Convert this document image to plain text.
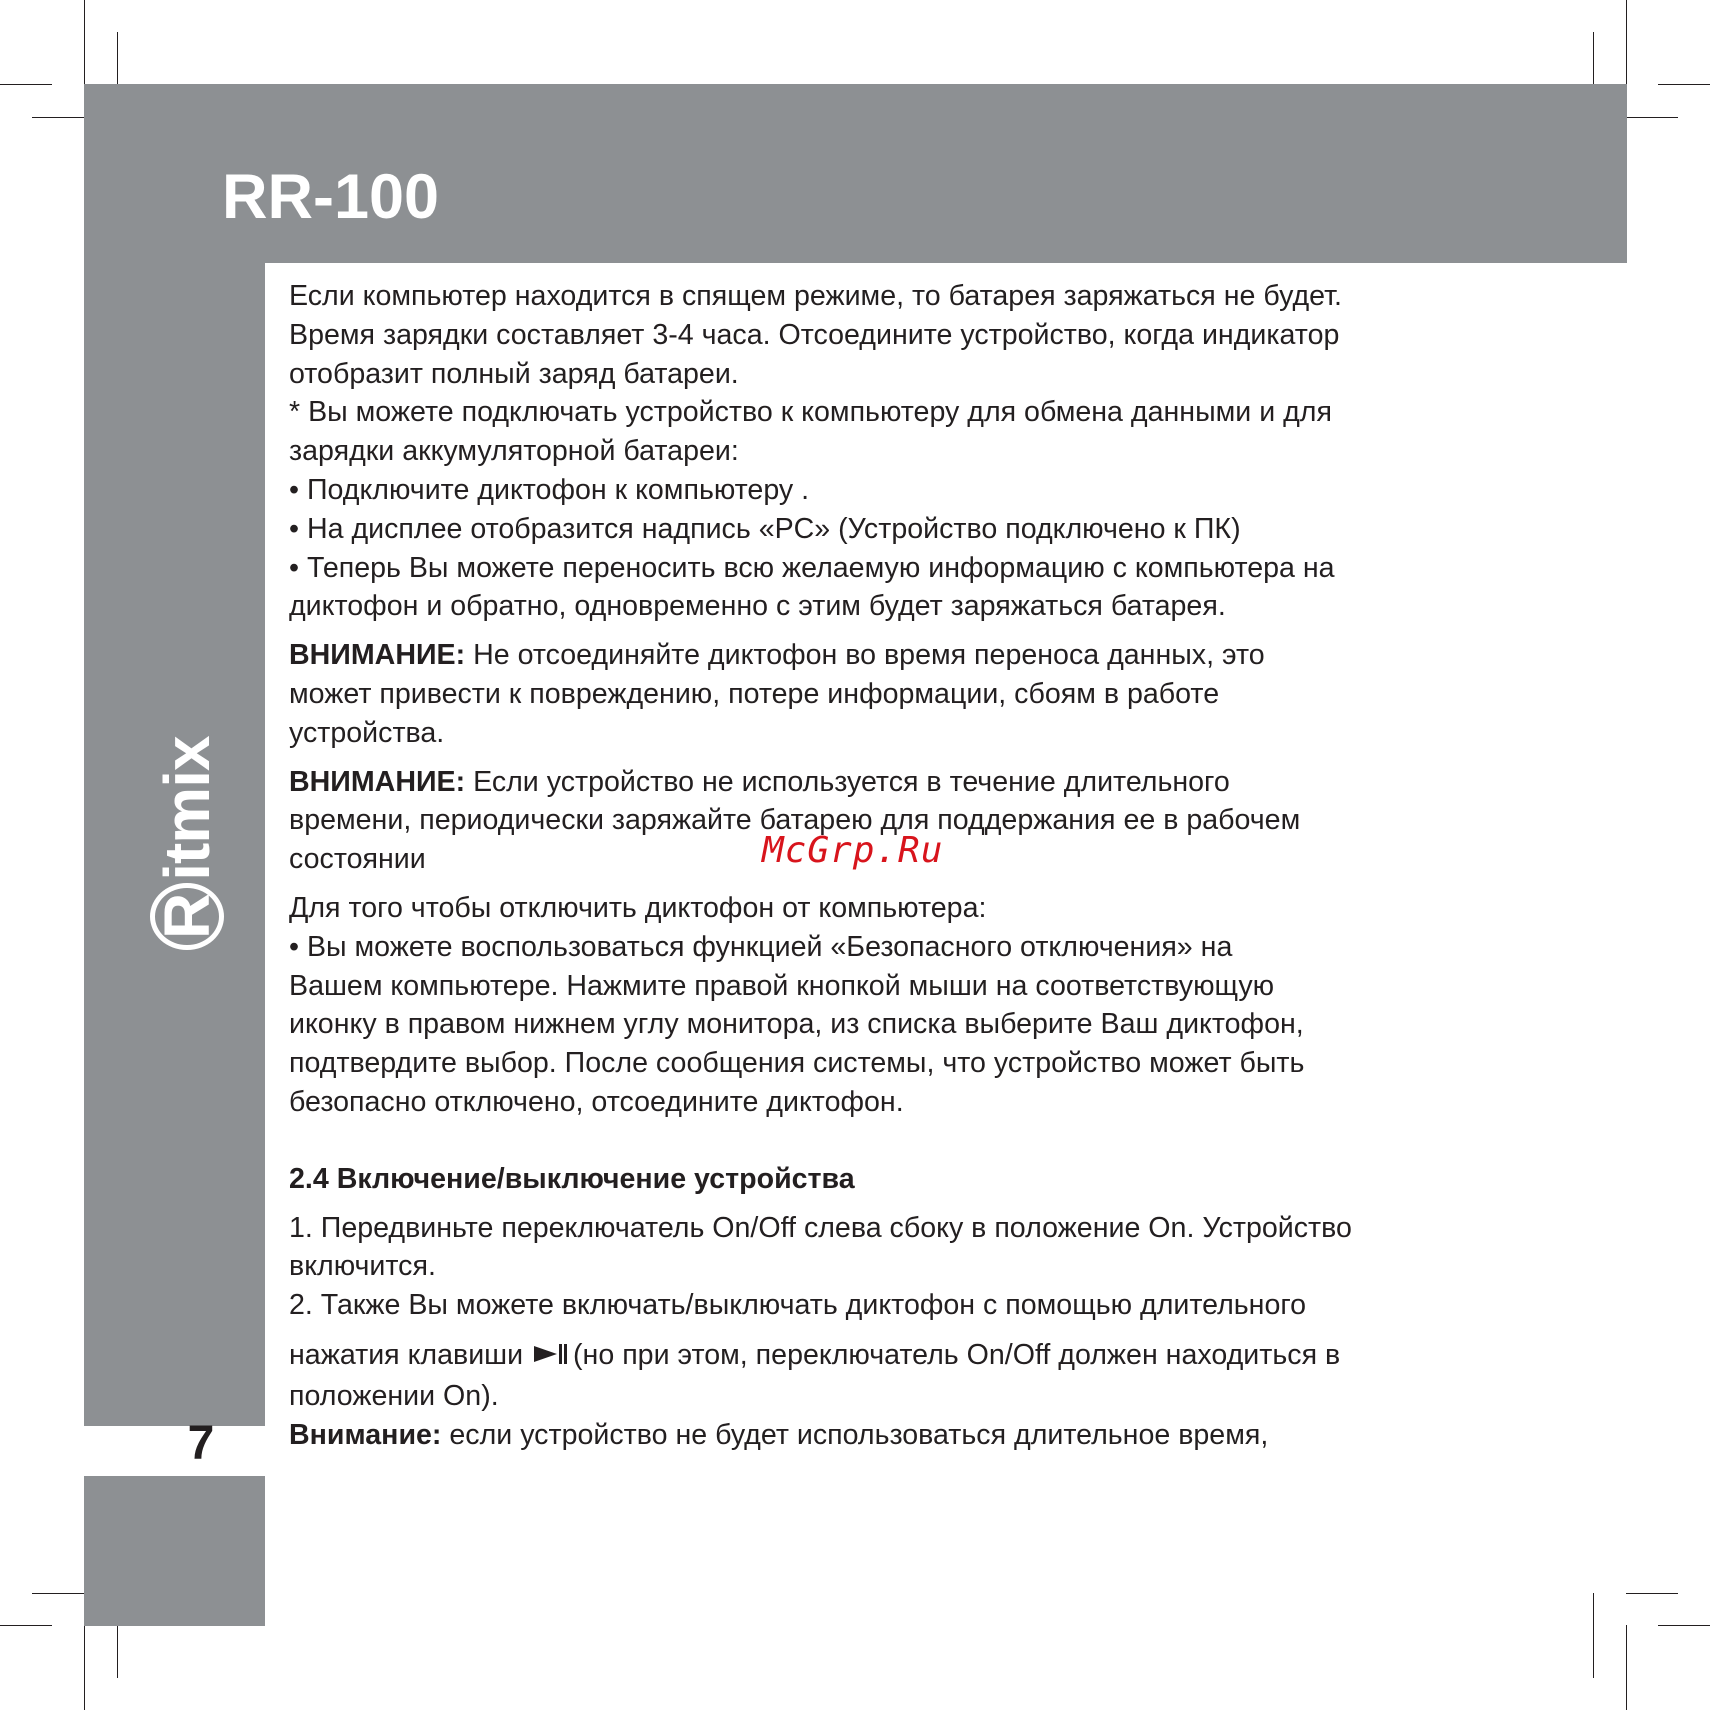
RR-100
Ritmix
7

Если компьютер находится в спящем режиме, то батарея заряжаться не будет.

Время зарядки составляет 3-4 часа. Отсоедините устройство, когда индикатор

отобразит полный заряд батареи.

* Вы можете подключать устройство к компьютеру для обмена данными и для

зарядки аккумуляторной батареи:

• Подключите диктофон к компьютеру .

• На дисплее отобразится надпись «PC» (Устройство подключено к ПК)

• Теперь Вы можете переносить всю желаемую информацию с компьютера на

диктофон и обратно, одновременно с этим будет заряжаться батарея.

ВНИМАНИЕ: Не отсоединяйте диктофон во время переноса данных, это

может привести к повреждению, потере информации, сбоям в работе

устройства.

ВНИМАНИЕ: Если устройство не используется в течение длительного

времени, периодически заряжайте батарею для поддержания ее в рабочем

состоянии

Для того чтобы отключить диктофон от компьютера:

• Вы можете воспользоваться функцией «Безопасного отключения» на

Вашем компьютере. Нажмите правой кнопкой мыши на соответствующую

иконку в правом нижнем углу монитора, из списка выберите Ваш диктофон,

подтвердите выбор. После сообщения системы, что устройство может быть

безопасно отключено, отсоедините диктофон.

2.4 Включение/выключение устройства

1. Передвиньте переключатель On/Off слева сбоку в положение On. Устройство

включится.

2. Также Вы можете включать/выключать диктофон с помощью длительного

нажатия клавиши (но при этом, переключатель On/Off должен находиться в

положении On).

Внимание: если устройство не будет использоваться длительное время,

McGrp.Ru
